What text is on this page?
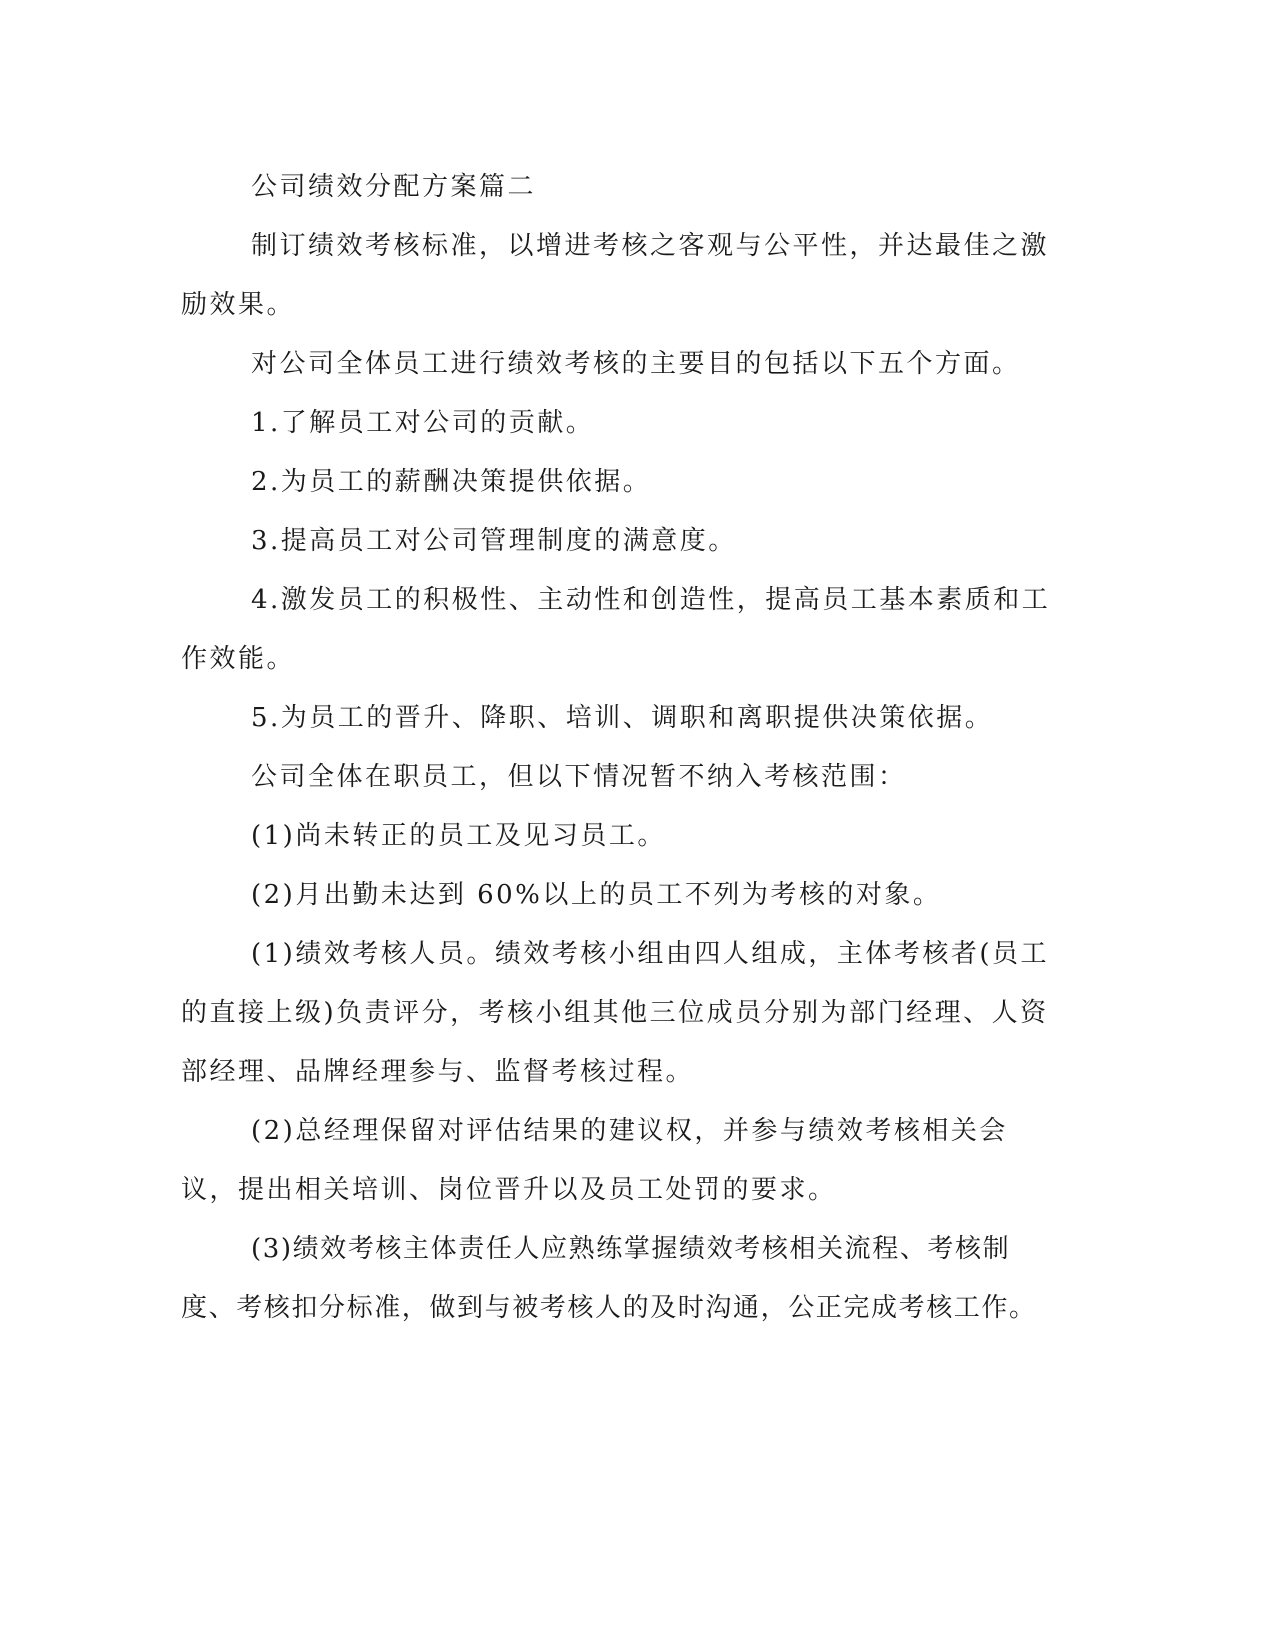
公司绩效分配方案篇二

制订绩效考核标准，以增进考核之客观与公平性，并达最佳之激励效果。

对公司全体员工进行绩效考核的主要目的包括以下五个方面。

1.了解员工对公司的贡献。

2.为员工的薪酬决策提供依据。

3.提高员工对公司管理制度的满意度。

4.激发员工的积极性、主动性和创造性，提高员工基本素质和工作效能。

5.为员工的晋升、降职、培训、调职和离职提供决策依据。

公司全体在职员工，但以下情况暂不纳入考核范围：

(1)尚未转正的员工及见习员工。

(2)月出勤未达到 60%以上的员工不列为考核的对象。

(1)绩效考核人员。绩效考核小组由四人组成，主体考核者(员工的直接上级)负责评分，考核小组其他三位成员分别为部门经理、人资部经理、品牌经理参与、监督考核过程。

(2)总经理保留对评估结果的建议权，并参与绩效考核相关会议，提出相关培训、岗位晋升以及员工处罚的要求。

(3)绩效考核主体责任人应熟练掌握绩效考核相关流程、考核制度、考核扣分标准，做到与被考核人的及时沟通，公正完成考核工作。
